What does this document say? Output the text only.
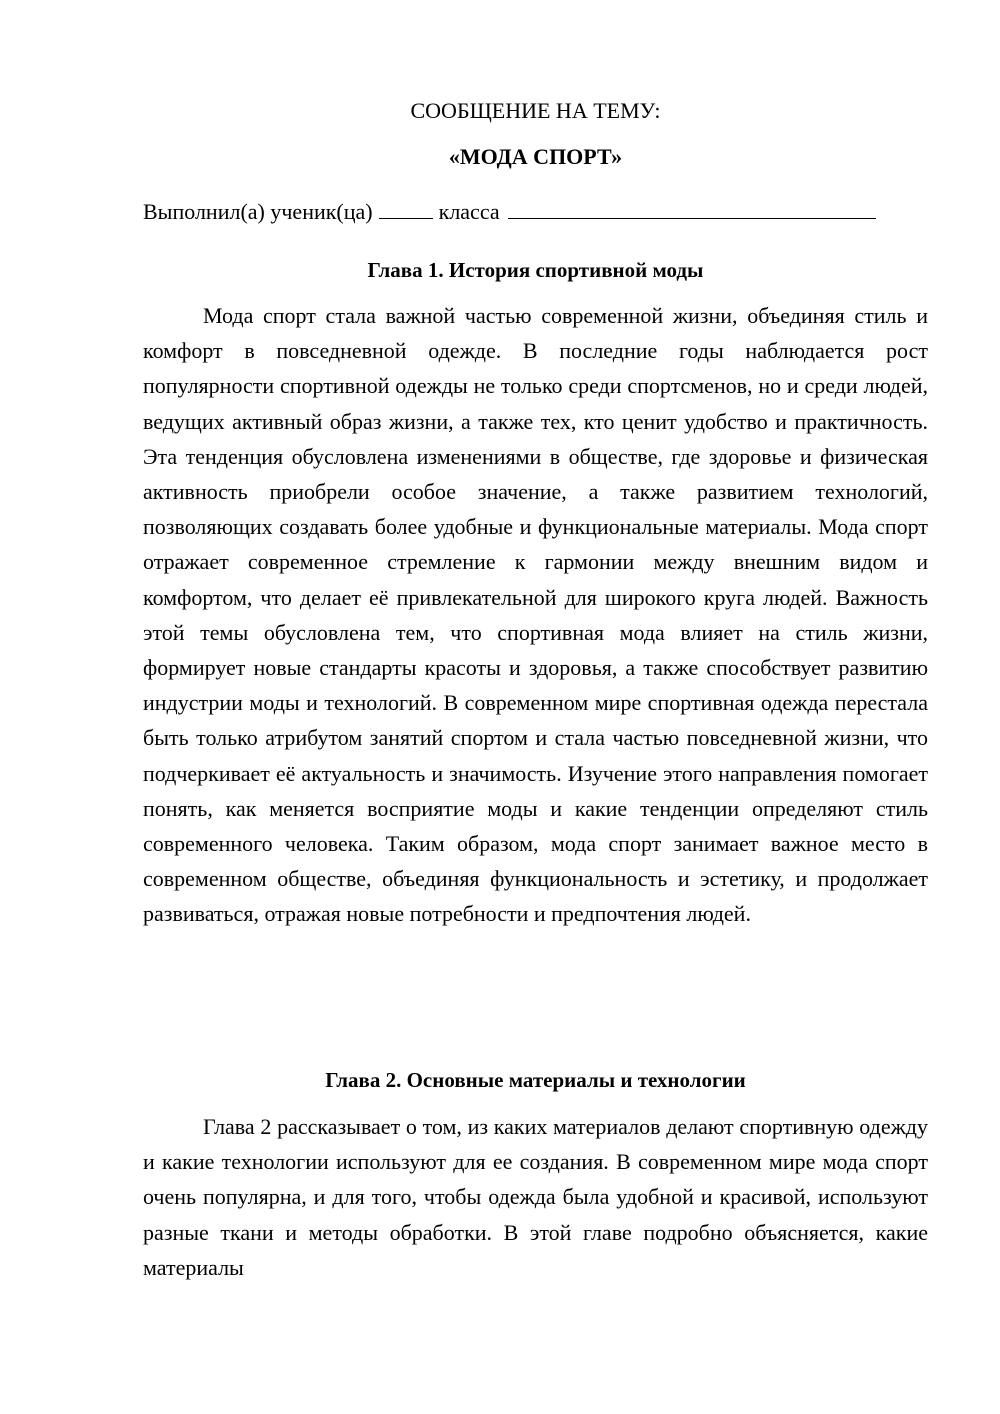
СООБЩЕНИЕ НА ТЕМУ:

«МОДА СПОРТ»

Выполнил(а) ученик(ца)	класса

Глава 1. История спортивной моды

Мода спорт стала важной частью современной жизни, объединяя стиль и комфорт в повседневной одежде. В последние годы наблюдается рост популярности спортивной одежды не только среди спортсменов, но и среди людей, ведущих активный образ жизни, а также тех, кто ценит удобство и практичность. Эта тенденция обусловлена изменениями в обществе, где здоровье и физическая активность приобрели особое значение, а также развитием технологий, позволяющих создавать более удобные и функциональные материалы. Мода спорт отражает современное стремление к гармонии между внешним видом и комфортом, что делает её привлекательной для широкого круга людей. Важность этой темы обусловлена тем, что спортивная мода влияет на стиль жизни, формирует новые стандарты красоты и здоровья, а также способствует развитию индустрии моды и технологий. В современном мире спортивная одежда перестала быть только атрибутом занятий спортом и стала частью повседневной жизни, что подчеркивает её актуальность и значимость. Изучение этого направления помогает понять, как меняется восприятие моды и какие тенденции определяют стиль современного человека. Таким образом, мода спорт занимает важное место в современном обществе, объединяя функциональность и эстетику, и продолжает развиваться, отражая новые потребности и предпочтения людей.

Глава 2. Основные материалы и технологии

Глава 2 рассказывает о том, из каких материалов делают спортивную одежду и какие технологии используют для ее создания. В современном мире мода спорт очень популярна, и для того, чтобы одежда была удобной и красивой, используют разные ткани и методы обработки. В этой главе подробно объясняется, какие материалы
